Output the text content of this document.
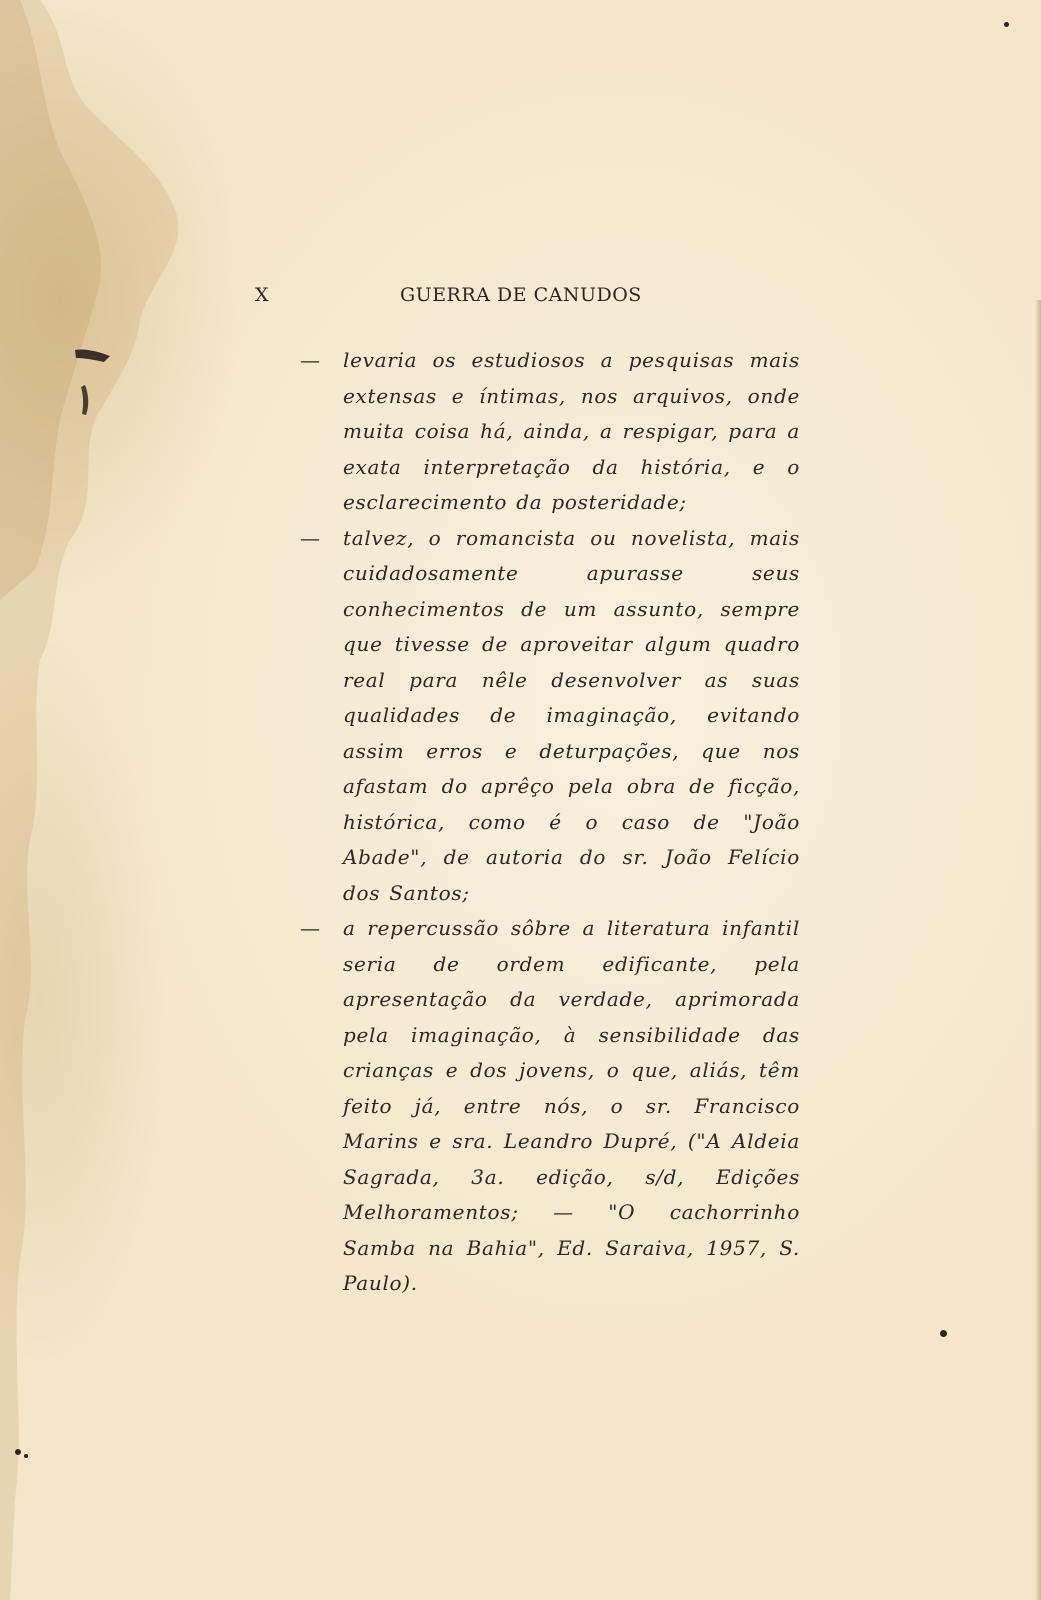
X	GUERRA DE CANUDOS
— levaria os estudiosos a pesquisas mais extensas e íntimas, nos arquivos, onde muita coisa há, ainda, a respigar, para a exata interpretação da história, e o esclarecimento da posteridade;
— talvez, o romancista ou novelista, mais cuidadosamente apurasse seus conhecimentos de um assunto, sempre que tivesse de aproveitar algum quadro real para nêle desenvolver as suas qualidades de imaginação, evitando assim erros e deturpações, que nos afastam do aprêço pela obra de ficção, histórica, como é o caso de "João Abade", de autoria do sr. João Felício dos Santos;
— a repercussão sôbre a literatura infantil seria de ordem edificante, pela apresentação da verdade, aprimorada pela imaginação, à sensibilidade das crianças e dos jovens, o que, aliás, têm feito já, entre nós, o sr. Francisco Marins e sra. Leandro Dupré, ("A Aldeia Sagrada, 3a. edição, s/d, Edições Melhoramentos; — "O cachorrinho Samba na Bahia", Ed. Saraiva, 1957, S. Paulo).
